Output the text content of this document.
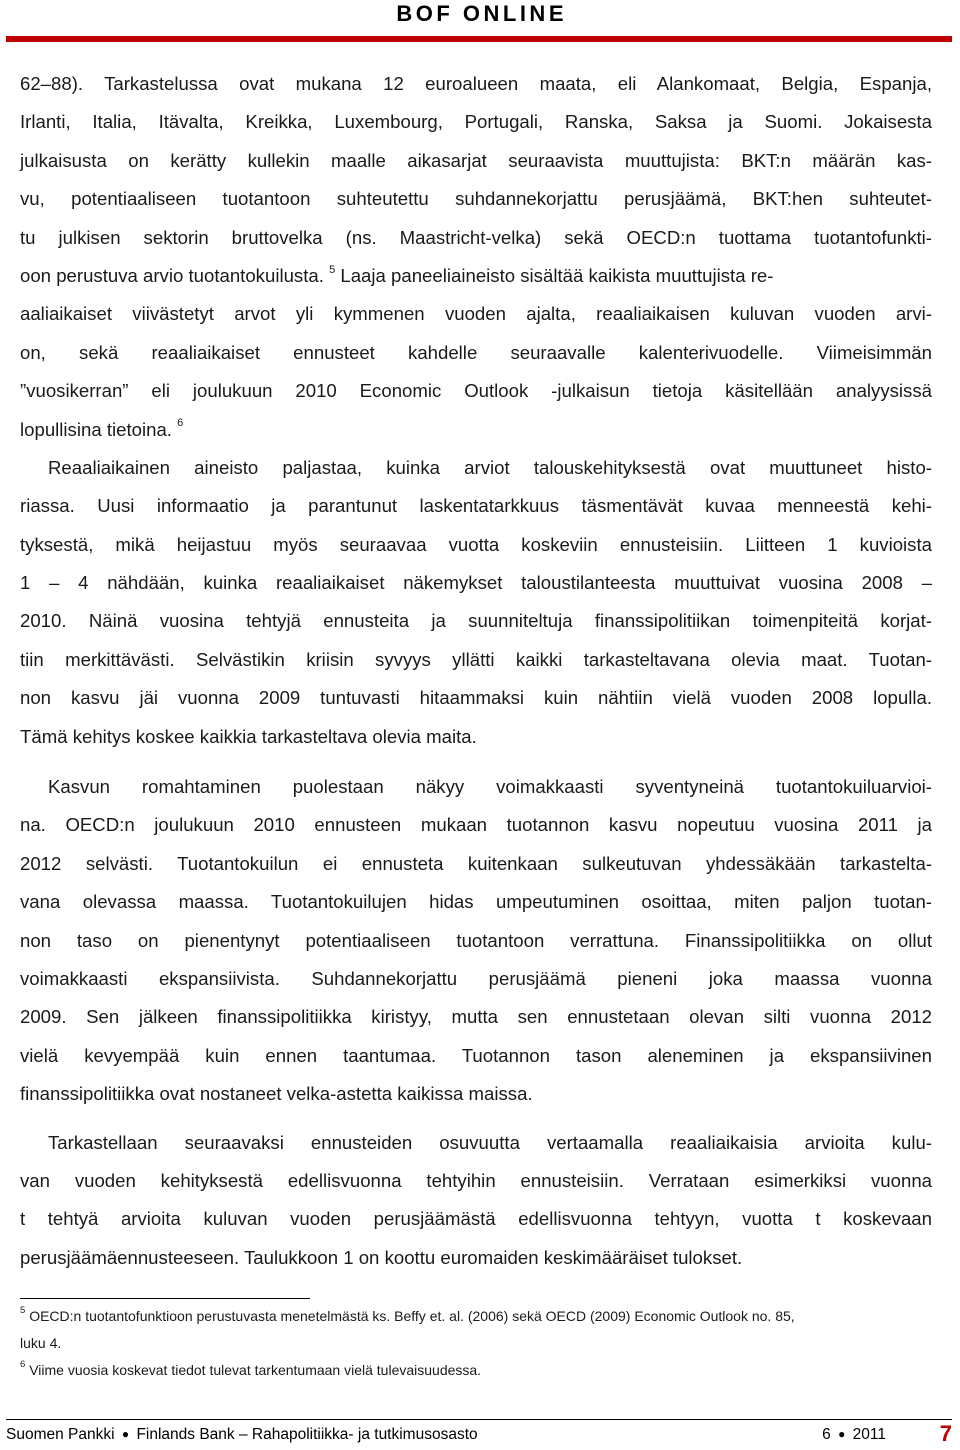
BOF ONLINE
62–88). Tarkastelussa ovat mukana 12 euroalueen maata, eli Alankomaat, Belgia, Espanja,
Irlanti, Italia, Itävalta, Kreikka, Luxembourg, Portugali, Ranska, Saksa ja Suomi. Jokaisesta
julkaisusta on kerätty kullekin maalle aikasarjat seuraavista muuttujista: BKT:n määrän kas-
vu, potentiaaliseen tuotantoon suhteutettu suhdannekorjattu perusjäämä, BKT:hen suhteutet-
tu julkisen sektorin bruttovelka (ns. Maastricht-velka) sekä OECD:n tuottama tuotantofunkti-
oon perustuva arvio tuotantokuilusta. $^5$ Laaja paneeliaineisto sisältää kaikista muuttujista re-
aaliaikaiset viivästetyt arvot yli kymmenen vuoden ajalta, reaaliaikaisen kuluvan vuoden arvi-
on, sekä reaaliaikaiset ennusteet kahdelle seuraavalle kalenterivuodelle. Viimeisimmän
”vuosikerran” eli joulukuun 2010 Economic Outlook -julkaisun tietoja käsitellään analyysissä
lopullisina tietoina. $^6$
Reaaliaikainen aineisto paljastaa, kuinka arviot talouskehityksestä ovat muuttuneet histo-
riassa. Uusi informaatio ja parantunut laskentatarkkuus täsmentävät kuvaa menneestä kehi-
tyksestä, mikä heijastuu myös seuraavaa vuotta koskeviin ennusteisiin. Liitteen 1 kuvioista
1 – 4 nähdään, kuinka reaaliaikaiset näkemykset taloustilanteesta muuttuivat vuosina 2008 –
2010. Näinä vuosina tehtyjä ennusteita ja suunniteltuja finanssipolitiikan toimenpiteitä korjat-
tiin merkittävästi. Selvästikin kriisin syvyys yllätti kaikki tarkasteltavana olevia maat. Tuotan-
non kasvu jäi vuonna 2009 tuntuvasti hitaammaksi kuin nähtiin vielä vuoden 2008 lopulla.
Tämä kehitys koskee kaikkia tarkasteltava olevia maita.
Kasvun romahtaminen puolestaan näkyy voimakkaasti syventyneinä tuotantokuiluarvioi-
na. OECD:n joulukuun 2010 ennusteen mukaan tuotannon kasvu nopeutuu vuosina 2011 ja
2012 selvästi. Tuotantokuilun ei ennusteta kuitenkaan sulkeutuvan yhdessäkään tarkastelta-
vana olevassa maassa. Tuotantokuilujen hidas umpeutuminen osoittaa, miten paljon tuotan-
non taso on pienentynyt potentiaaliseen tuotantoon verrattuna. Finanssipolitiikka on ollut
voimakkaasti ekspansiivista. Suhdannekorjattu perusjäämä pieneni joka maassa vuonna
2009. Sen jälkeen finanssipolitiikka kiristyy, mutta sen ennustetaan olevan silti vuonna 2012
vielä kevyempää kuin ennen taantumaa. Tuotannon tason aleneminen ja ekspansiivinen
finanssipolitiikka ovat nostaneet velka-astetta kaikissa maissa.
Tarkastellaan seuraavaksi ennusteiden osuvuutta vertaamalla reaaliaikaisia arvioita kulu-
van vuoden kehityksestä edellisvuonna tehtyihin ennusteisiin. Verrataan esimerkiksi vuonna
t tehtyä arvioita kuluvan vuoden perusjäämästä edellisvuonna tehtyyn, vuotta t koskevaan
perusjäämäennusteeseen. Taulukkoon 1 on koottu euromaiden keskimääräiset tulokset.
$^5$ OECD:n tuotantofunktioon perustuvasta menetelmästä ks. Beffy et. al. (2006) sekä OECD (2009) Economic Outlook no. 85,
luku 4.
$^6$ Viime vuosia koskevat tiedot tulevat tarkentumaan vielä tulevaisuudessa.
Suomen Pankki ● Finlands Bank – Rahapolitiikka- ja tutkimusosasto	6 ● 2011 7
